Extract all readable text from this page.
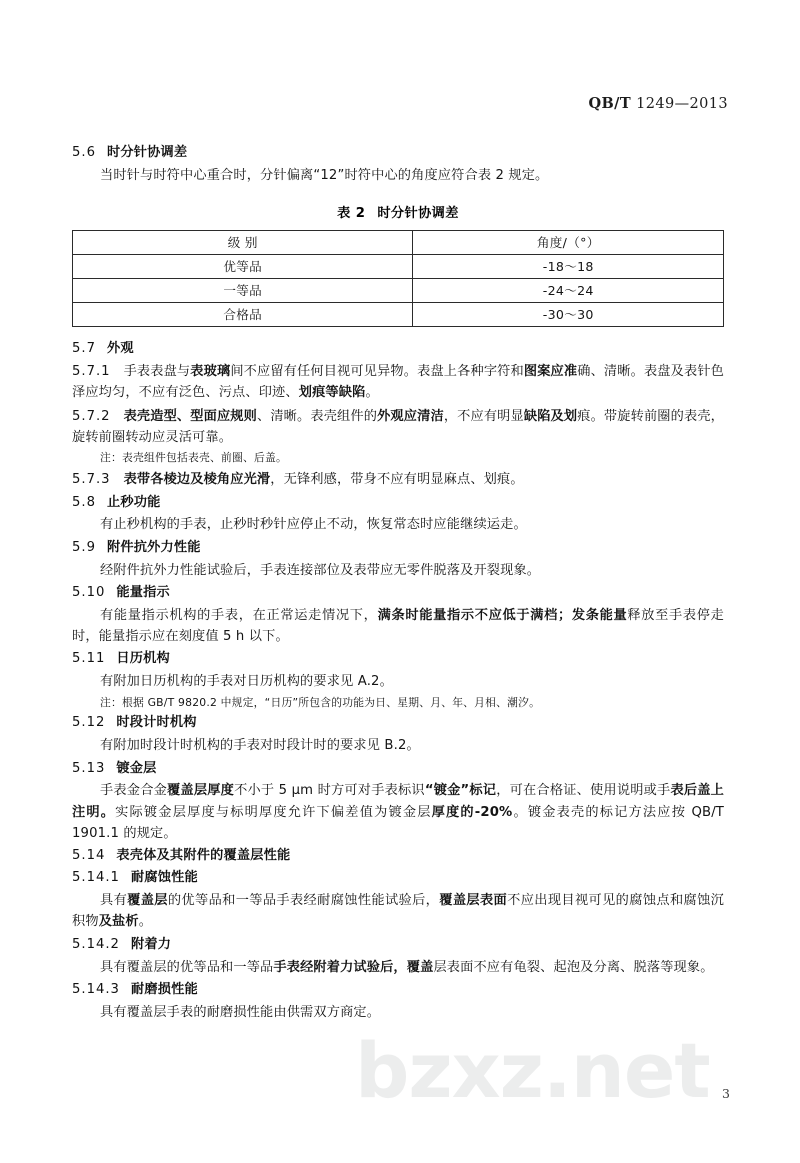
bzxz.net
QB/T 1249—2013
5.6 时分针协调差

当时针与时符中心重合时，分针偏离“12”时符中心的角度应符合表 2 规定。

表 2 时分针协调差
级 别	角度/（°）
优等品	-18～18
一等品	-24～24
合格品	-30～30
5.7 外观

5.7.1 手表表盘与表玻璃间不应留有任何目视可见异物。表盘上各种字符和图案应准确、清晰。表盘及表针色泽应均匀，不应有泛色、污点、印迹、划痕等缺陷。

5.7.2 表壳造型、型面应规则、清晰。表壳组件的外观应清洁，不应有明显缺陷及划痕。带旋转前圈的表壳，旋转前圈转动应灵活可靠。

注：表壳组件包括表壳、前圈、后盖。

5.7.3 表带各棱边及棱角应光滑，无锋利感，带身不应有明显麻点、划痕。

5.8 止秒功能

有止秒机构的手表，止秒时秒针应停止不动，恢复常态时应能继续运走。

5.9 附件抗外力性能

经附件抗外力性能试验后，手表连接部位及表带应无零件脱落及开裂现象。

5.10 能量指示

有能量指示机构的手表，在正常运走情况下，满条时能量指示不应低于满档；发条能量释放至手表停走时，能量指示应在刻度值 5 h 以下。

5.11 日历机构

有附加日历机构的手表对日历机构的要求见 A.2。

注：根据 GB/T 9820.2 中规定，“日历”所包含的功能为日、星期、月、年、月相、潮汐。

5.12 时段计时机构

有附加时段计时机构的手表对时段计时的要求见 B.2。

5.13 镀金层

手表金合金覆盖层厚度不小于 5 μm 时方可对手表标识“镀金”标记，可在合格证、使用说明或手表后盖上注明。实际镀金层厚度与标明厚度允许下偏差值为镀金层厚度的-20%。镀金表壳的标记方法应按 QB/T 1901.1 的规定。

5.14 表壳体及其附件的覆盖层性能
5.14.1 耐腐蚀性能

具有覆盖层的优等品和一等品手表经耐腐蚀性能试验后，覆盖层表面不应出现目视可见的腐蚀点和腐蚀沉积物及盐析。

5.14.2 附着力

具有覆盖层的优等品和一等品手表经附着力试验后，覆盖层表面不应有龟裂、起泡及分离、脱落等现象。

5.14.3 耐磨损性能

具有覆盖层手表的耐磨损性能由供需双方商定。

3
